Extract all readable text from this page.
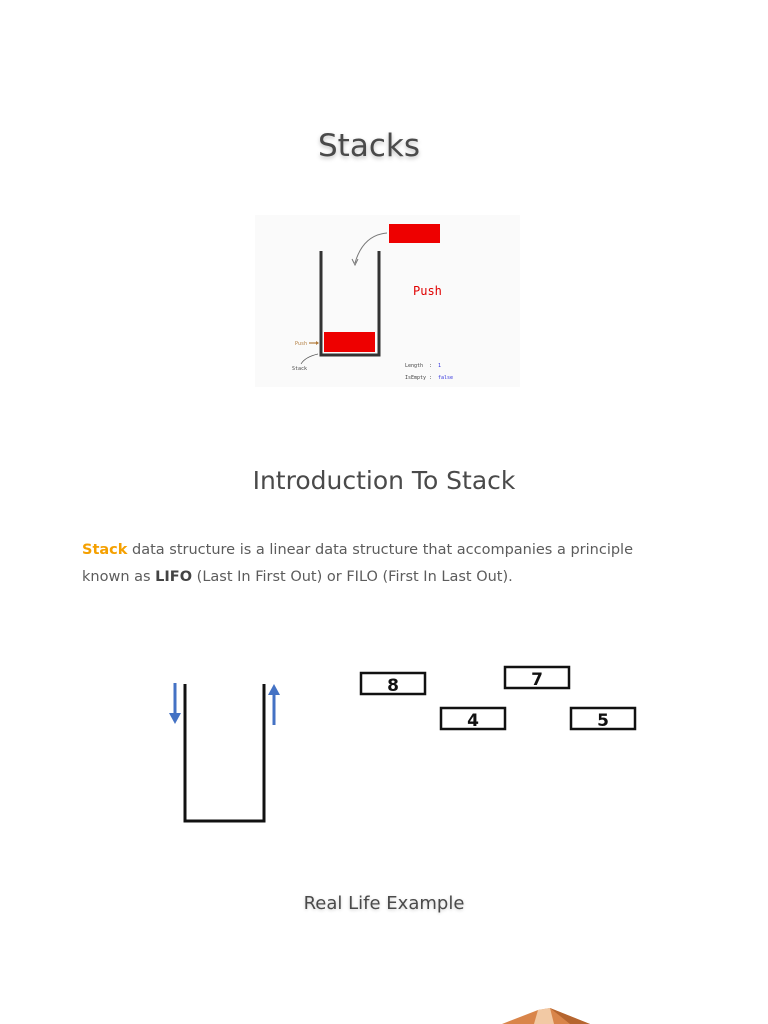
Stacks
Push
Push
Stack	Length : 1
IsEmpty : false
Introduction To Stack
Stack data structure is a linear data structure that accompanies a principle known as LIFO (Last In First Out) or FILO (First In Last Out).
8	7
4	5
Real Life Example
